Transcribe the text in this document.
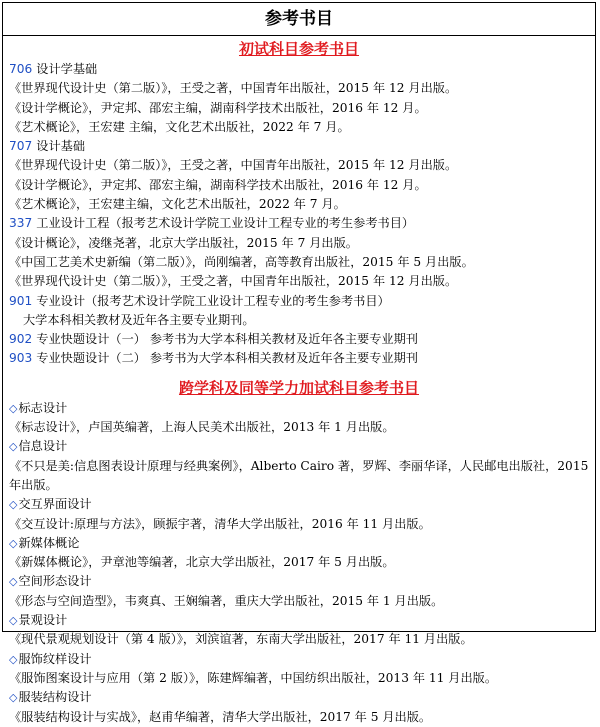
参考书目
初试科目参考书目
706 设计学基础
《世界现代设计史（第二版）》，王受之著，中国青年出版社，2015 年 12 月出版。
《设计学概论》，尹定邦、邵宏主编，湖南科学技术出版社，2016 年 12 月。
《艺术概论》，王宏建 主编，文化艺术出版社，2022 年 7 月。
707 设计基础
《世界现代设计史（第二版）》，王受之著，中国青年出版社，2015 年 12 月出版。
《设计学概论》，尹定邦、邵宏主编，湖南科学技术出版社，2016 年 12 月。
《艺术概论》，王宏建主编，文化艺术出版社，2022 年 7 月。
337 工业设计工程（报考艺术设计学院工业设计工程专业的考生参考书目）
《设计概论》，凌继尧著，北京大学出版社，2015 年 7 月出版。
《中国工艺美术史新编（第二版）》，尚刚编著，高等教育出版社，2015 年 5 月出版。
《世界现代设计史（第二版）》，王受之著，中国青年出版社，2015 年 12 月出版。
901 专业设计（报考艺术设计学院工业设计工程专业的考生参考书目）
大学本科相关教材及近年各主要专业期刊。
902 专业快题设计（一） 参考书为大学本科相关教材及近年各主要专业期刊
903 专业快题设计（二） 参考书为大学本科相关教材及近年各主要专业期刊
跨学科及同等学力加试科目参考书目
◇标志设计
《标志设计》，卢国英编著，上海人民美术出版社，2013 年 1 月出版。
◇信息设计
《不只是美:信息图表设计原理与经典案例》，Alberto Cairo 著，罗辉、李丽华译，人民邮电出版社，2015 年出版。
◇交互界面设计
《交互设计:原理与方法》，顾振宇著，清华大学出版社，2016 年 11 月出版。
◇新媒体概论
《新媒体概论》，尹章池等编著，北京大学出版社，2017 年 5 月出版。
◇空间形态设计
《形态与空间造型》，韦爽真、王娴编著，重庆大学出版社，2015 年 1 月出版。
◇景观设计
《现代景观规划设计（第 4 版）》，刘滨谊著，东南大学出版社，2017 年 11 月出版。
◇服饰纹样设计
《服饰图案设计与应用（第 2 版）》，陈建辉编著，中国纺织出版社，2013 年 11 月出版。
◇服装结构设计
《服装结构设计与实战》，赵甫华编著，清华大学出版社，2017 年 5 月出版。
